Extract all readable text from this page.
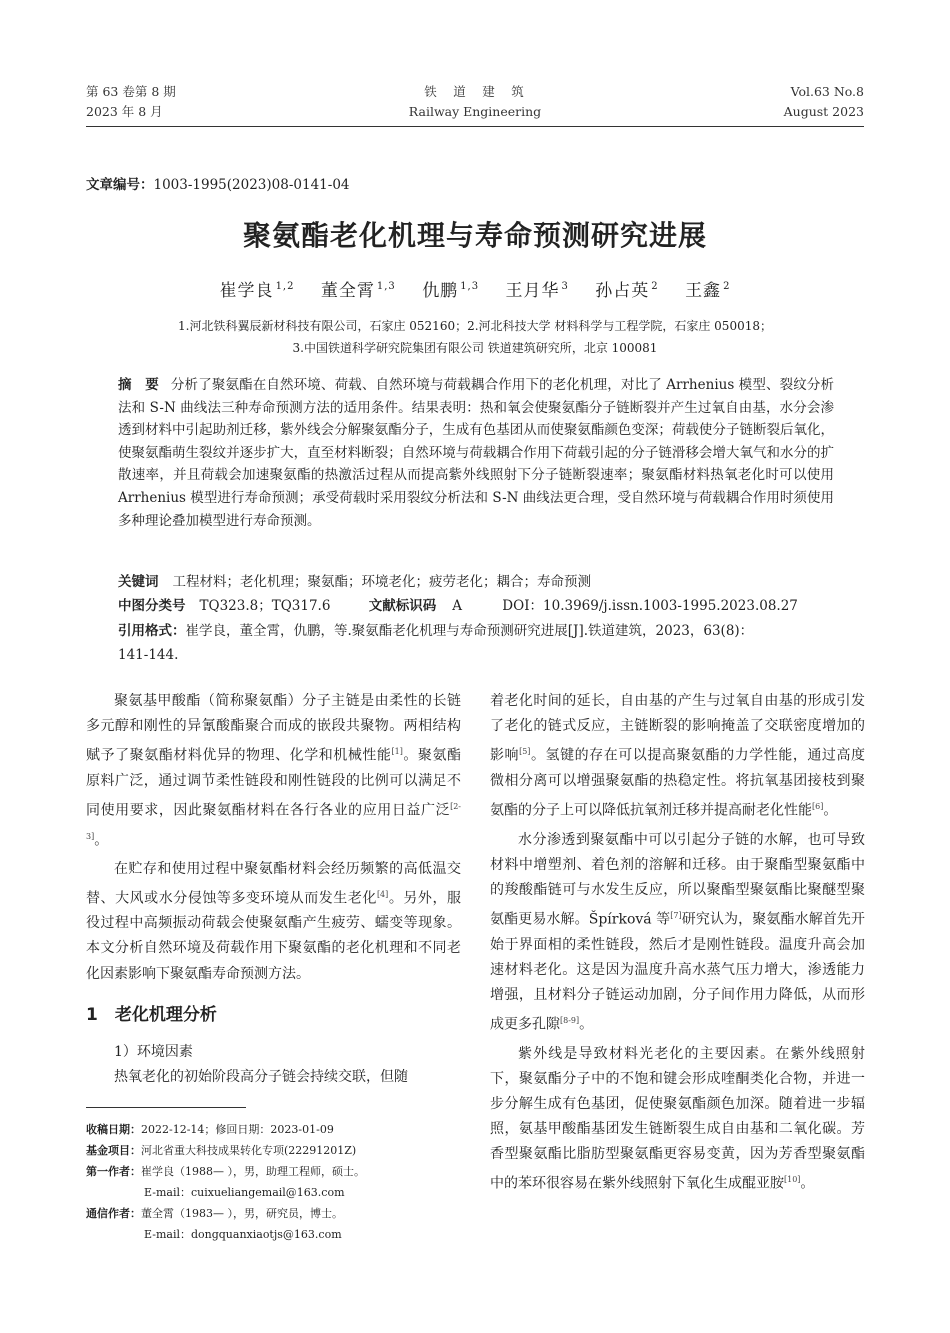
第 63 卷第 8 期
2023 年 8 月
铁　道　建　筑
Railway Engineering
Vol.63 No.8
August 2023
文章编号：1003-1995(2023)08-0141-04
聚氨酯老化机理与寿命预测研究进展
崔学良 $^{1,2}$ 董全霄 $^{1,3}$ 仇鹏 $^{1,3}$ 王月华 $^3$ 孙占英 $^2$ 王鑫 $^2$
1.河北铁科翼辰新材科技有限公司，石家庄 052160；2.河北科技大学 材料科学与工程学院，石家庄 050018；
3.中国铁道科学研究院集团有限公司 铁道建筑研究所，北京 100081
摘　要 分析了聚氨酯在自然环境、荷载、自然环境与荷载耦合作用下的老化机理，对比了 Arrhenius 模型、裂纹分析法和 S-N 曲线法三种寿命预测方法的适用条件。结果表明：热和氧会使聚氨酯分子链断裂并产生过氧自由基，水分会渗透到材料中引起助剂迁移，紫外线会分解聚氨酯分子，生成有色基团从而使聚氨酯颜色变深；荷载使分子链断裂后氧化，使聚氨酯萌生裂纹并逐步扩大，直至材料断裂；自然环境与荷载耦合作用下荷载引起的分子链滑移会增大氧气和水分的扩散速率，并且荷载会加速聚氨酯的热激活过程从而提高紫外线照射下分子链断裂速率；聚氨酯材料热氧老化时可以使用 Arrhenius 模型进行寿命预测；承受荷载时采用裂纹分析法和 S-N 曲线法更合理，受自然环境与荷载耦合作用时须使用多种理论叠加模型进行寿命预测。
关键词 工程材料；老化机理；聚氨酯；环境老化；疲劳老化；耦合；寿命预测
中图分类号 TQ323.8；TQ317.6	文献标识码 A	DOI：10.3969/j.issn.1003-1995.2023.08.27
引用格式：崔学良，董全霄，仇鹏，等.聚氨酯老化机理与寿命预测研究进展[J].铁道建筑，2023，63(8)：
141-144.

聚氨基甲酸酯（简称聚氨酯）分子主链是由柔性的长链多元醇和刚性的异氰酸酯聚合而成的嵌段共聚物。两相结构赋予了聚氨酯材料优异的物理、化学和机械性能[1]。聚氨酯原料广泛，通过调节柔性链段和刚性链段的比例可以满足不同使用要求，因此聚氨酯材料在各行各业的应用日益广泛[2-3]。

在贮存和使用过程中聚氨酯材料会经历频繁的高低温交替、大风或水分侵蚀等多变环境从而发生老化[4]。另外，服役过程中高频振动荷载会使聚氨酯产生疲劳、蠕变等现象。本文分析自然环境及荷载作用下聚氨酯的老化机理和不同老化因素影响下聚氨酯寿命预测方法。

1　老化机理分析

1）环境因素

热氧老化的初始阶段高分子链会持续交联，但随

着老化时间的延长，自由基的产生与过氧自由基的形成引发了老化的链式反应，主链断裂的影响掩盖了交联密度增加的影响[5]。氢键的存在可以提高聚氨酯的力学性能，通过高度微相分离可以增强聚氨酯的热稳定性。将抗氧基团接枝到聚氨酯的分子上可以降低抗氧剂迁移并提高耐老化性能[6]。

水分渗透到聚氨酯中可以引起分子链的水解，也可导致材料中增塑剂、着色剂的溶解和迁移。由于聚酯型聚氨酯中的羧酸酯链可与水发生反应，所以聚酯型聚氨酯比聚醚型聚氨酯更易水解。Špírková 等[7]研究认为，聚氨酯水解首先开始于界面相的柔性链段，然后才是刚性链段。温度升高会加速材料老化。这是因为温度升高水蒸气压力增大，渗透能力增强，且材料分子链运动加剧，分子间作用力降低，从而形成更多孔隙[8-9]。

紫外线是导致材料光老化的主要因素。在紫外线照射下，聚氨酯分子中的不饱和键会形成喹酮类化合物，并进一步分解生成有色基团，促使聚氨酯颜色加深。随着进一步辐照，氨基甲酸酯基团发生链断裂生成自由基和二氧化碳。芳香型聚氨酯比脂肪型聚氨酯更容易变黄，因为芳香型聚氨酯中的苯环很容易在紫外线照射下氧化生成醌亚胺[10]。

收稿日期：2022-12-14；修回日期：2023-01-09
基金项目：河北省重大科技成果转化专项(22291201Z)
第一作者：崔学良（1988— ），男，助理工程师，硕士。
E-mail：cuixueliangemail@163.com
通信作者：董全霄（1983— ），男，研究员，博士。
E-mail：dongquanxiaotjs@163.com
